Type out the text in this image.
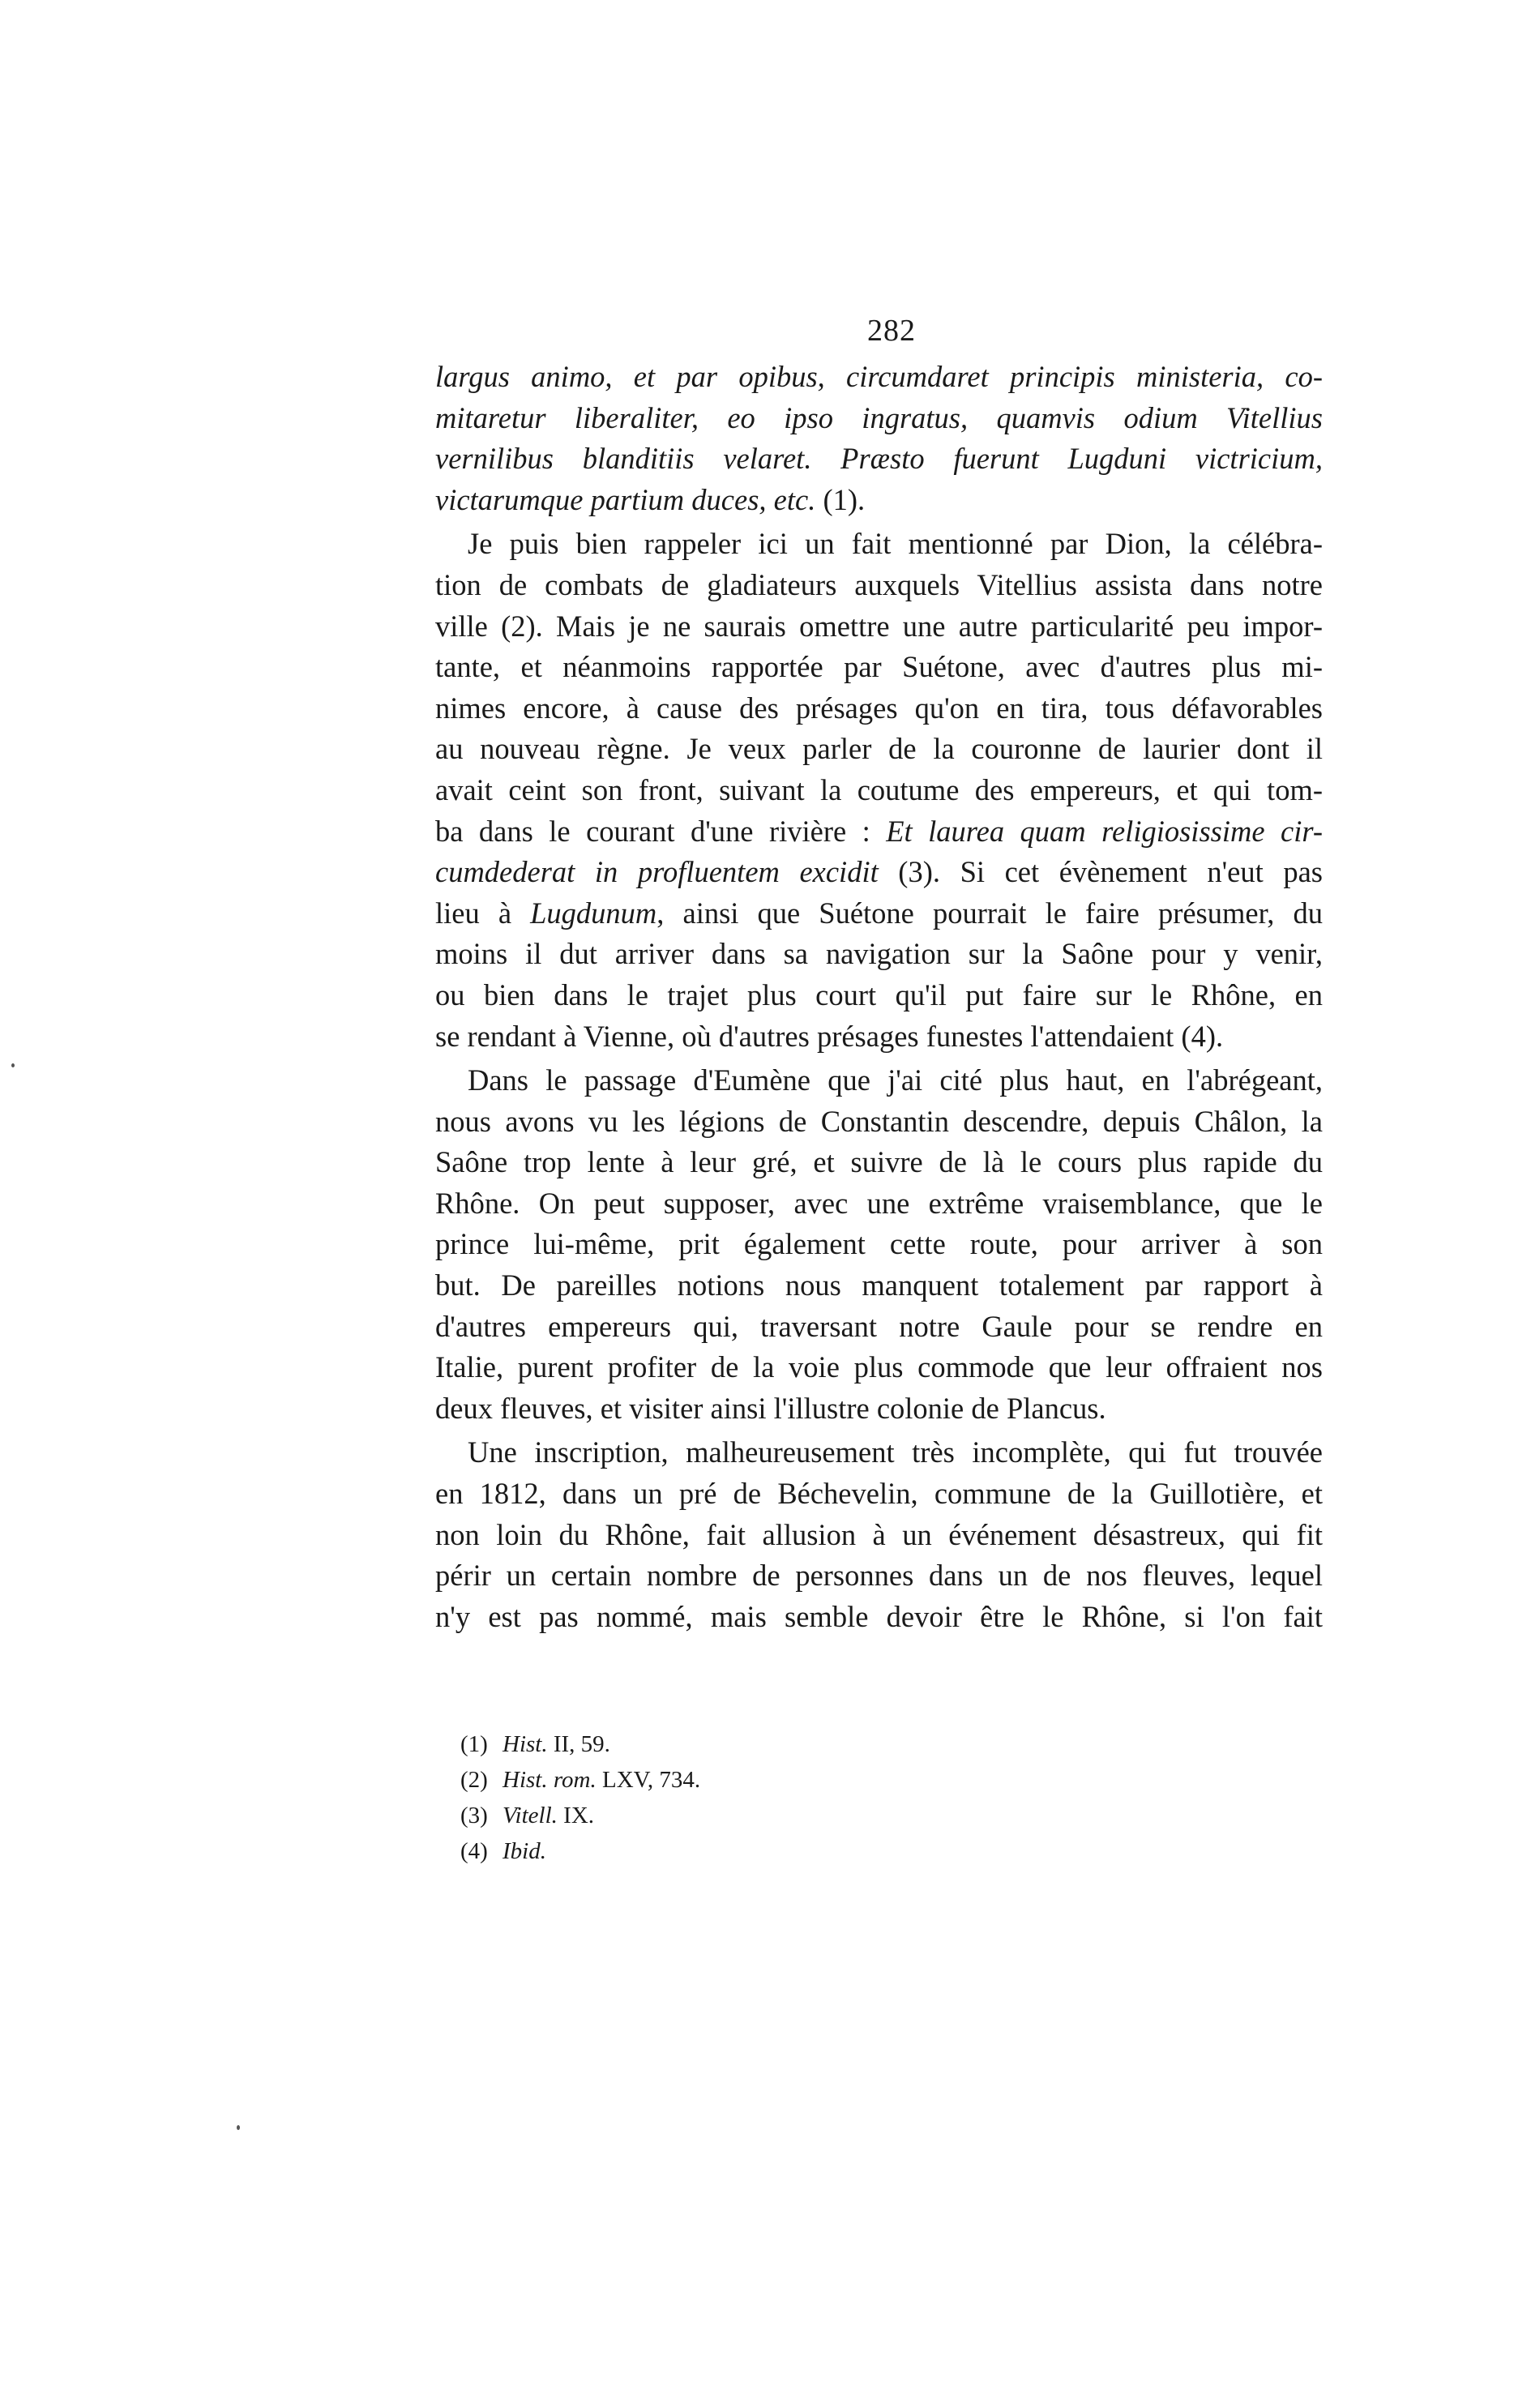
282
largus animo, et par opibus, circumdaret principis ministeria, co-
mitaretur liberaliter, eo ipso ingratus, quamvis odium Vitellius
vernilibus blanditiis velaret. Præsto fuerunt Lugduni victricium,
victarumque partium duces, etc. (1).
Je puis bien rappeler ici un fait mentionné par Dion, la célébra-
tion de combats de gladiateurs auxquels Vitellius assista dans notre
ville (2). Mais je ne saurais omettre une autre particularité peu impor-
tante, et néanmoins rapportée par Suétone, avec d'autres plus mi-
nimes encore, à cause des présages qu'on en tira, tous défavorables
au nouveau règne. Je veux parler de la couronne de laurier dont il
avait ceint son front, suivant la coutume des empereurs, et qui tom-
ba dans le courant d'une rivière : Et laurea quam religiosissime cir-
cumdederat in profluentem excidit (3). Si cet évènement n'eut pas
lieu à Lugdunum, ainsi que Suétone pourrait le faire présumer, du
moins il dut arriver dans sa navigation sur la Saône pour y venir,
ou bien dans le trajet plus court qu'il put faire sur le Rhône, en
se rendant à Vienne, où d'autres présages funestes l'attendaient (4).
Dans le passage d'Eumène que j'ai cité plus haut, en l'abrégeant,
nous avons vu les légions de Constantin descendre, depuis Châlon, la
Saône trop lente à leur gré, et suivre de là le cours plus rapide du
Rhône. On peut supposer, avec une extrême vraisemblance, que le
prince lui-même, prit également cette route, pour arriver à son
but. De pareilles notions nous manquent totalement par rapport à
d'autres empereurs qui, traversant notre Gaule pour se rendre en
Italie, purent profiter de la voie plus commode que leur offraient nos
deux fleuves, et visiter ainsi l'illustre colonie de Plancus.
Une inscription, malheureusement très incomplète, qui fut trouvée
en 1812, dans un pré de Béchevelin, commune de la Guillotière, et
non loin du Rhône, fait allusion à un événement désastreux, qui fit
périr un certain nombre de personnes dans un de nos fleuves, lequel
n'y est pas nommé, mais semble devoir être le Rhône, si l'on fait
(1) Hist. II, 59.
(2) Hist. rom. LXV, 734.
(3) Vitell. IX.
(4) Ibid.
